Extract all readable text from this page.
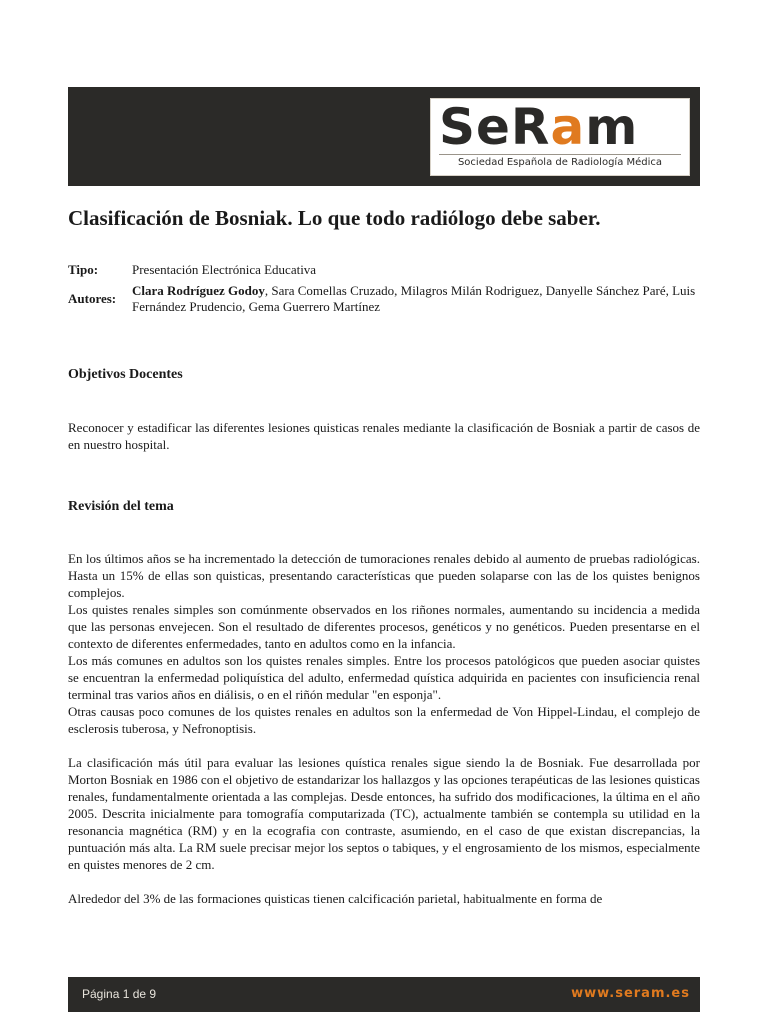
SeRam
Sociedad Española de Radiología Médica
Clasificación de Bosniak. Lo que todo radiólogo debe saber.
Tipo:	Presentación Electrónica Educativa
Autores:
Clara Rodríguez Godoy, Sara Comellas Cruzado, Milagros Milán Rodriguez, Danyelle Sánchez Paré, Luis Fernández Prudencio, Gema Guerrero Martínez
Objetivos Docentes

Reconocer y estadificar las diferentes lesiones quisticas renales mediante la clasificación de Bosniak a partir de casos de en nuestro hospital.

Revisión del tema

En los últimos años se ha incrementado la detección de tumoraciones renales debido al aumento de pruebas radiológicas. Hasta un 15% de ellas son quisticas, presentando características que pueden solaparse con las de los quistes benignos complejos.

Los quistes renales simples son comúnmente observados en los riñones normales, aumentando su incidencia a medida que las personas envejecen. Son el resultado de diferentes procesos, genéticos y no genéticos. Pueden presentarse en el contexto de diferentes enfermedades, tanto en adultos como en la infancia.

Los más comunes en adultos son los quistes renales simples. Entre los procesos patológicos que pueden asociar quistes se encuentran la enfermedad poliquística del adulto, enfermedad quística adquirida en pacientes con insuficiencia renal terminal tras varios años en diálisis, o en el riñón medular "en esponja".

Otras causas poco comunes de los quistes renales en adultos son la enfermedad de Von Hippel-Lindau, el complejo de esclerosis tuberosa, y Nefronoptisis.

La clasificación más útil para evaluar las lesiones quística renales sigue siendo la de Bosniak. Fue desarrollada por Morton Bosniak en 1986 con el objetivo de estandarizar los hallazgos y las opciones terapéuticas de las lesiones quisticas renales, fundamentalmente orientada a las complejas. Desde entonces, ha sufrido dos modificaciones, la última en el año 2005. Descrita inicialmente para tomografía computarizada (TC), actualmente también se contempla su utilidad en la resonancia magnética (RM) y en la ecografia con contraste, asumiendo, en el caso de que existan discrepancias, la puntuación más alta. La RM suele precisar mejor los septos o tabiques, y el engrosamiento de los mismos, especialmente en quistes menores de 2 cm.

Alrededor del 3% de las formaciones quisticas tienen calcificación parietal, habitualmente en forma de

Página 1 de 9	www.seram.es
